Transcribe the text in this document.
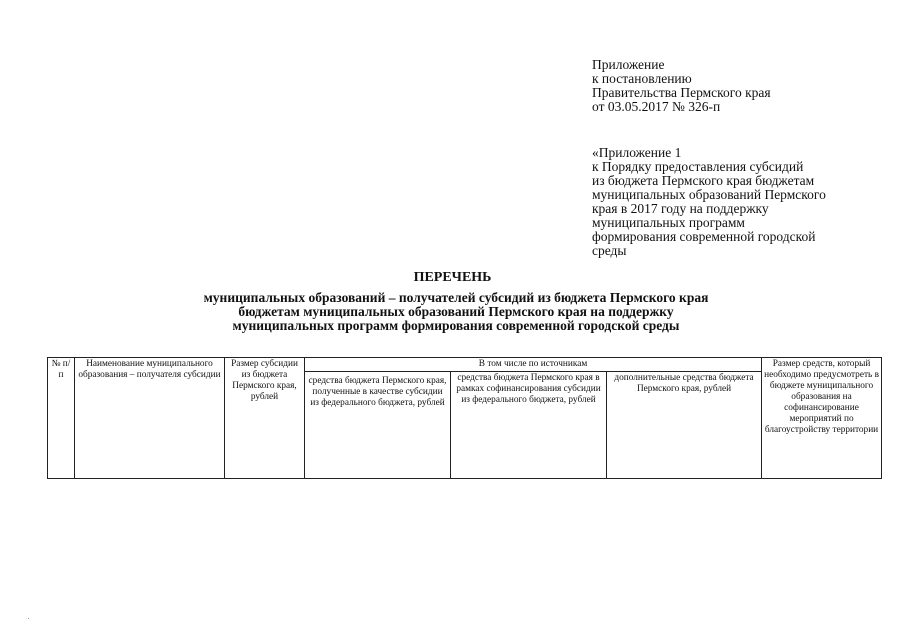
Приложение
к постановлению
Правительства Пермского края
от 03.05.2017 № 326-п
«Приложение 1
к Порядку предоставления субсидий
из бюджета Пермского края бюджетам
муниципальных образований Пермского
края в 2017 году на поддержку
муниципальных программ
формирования современной городской
среды
ПЕРЕЧЕНЬ
муниципальных образований – получателей субсидий из бюджета Пермского края
бюджетам муниципальных образований Пермского края на поддержку
муниципальных программ формирования современной городской среды
№ п/п	Наименование муниципального образования – получателя субсидии	Размер субсидии из бюджета Пермского края, рублей	В том числе по источникам			Размер средств, который необходимо предусмотреть в бюджете муниципального образования на софинансирование мероприятий по благоустройству территории
			средства бюджета Пермского края, полученные в качестве субсидии из федерального бюджета, рублей	средства бюджета Пермского края в рамках софинансирования субсидии из федерального бюджета, рублей	дополнительные средства бюджета Пермского края, рублей	
